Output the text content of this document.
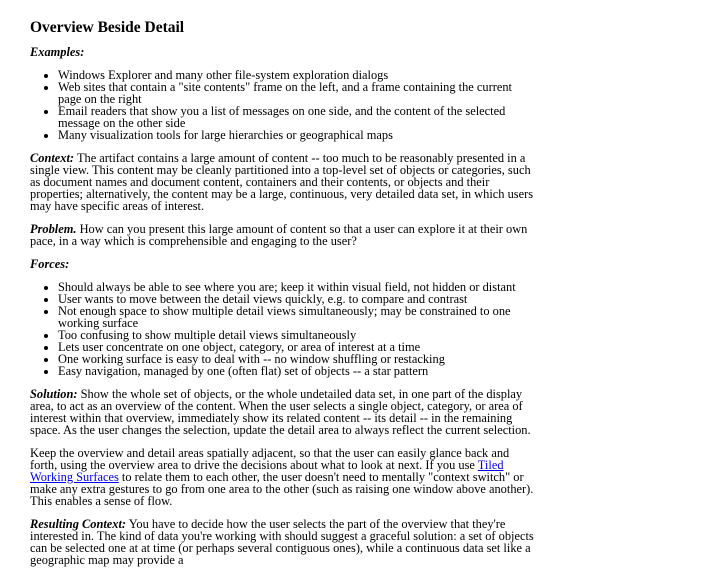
Overview Beside Detail
Examples:
• Windows Explorer and many other file-system exploration dialogs
• Web sites that contain a "site contents" frame on the left, and a frame containing the current page on the right
• Email readers that show you a list of messages on one side, and the content of the selected message on the other side
• Many visualization tools for large hierarchies or geographical maps

Context: The artifact contains a large amount of content -- too much to be reasonably presented in a single view. This content may be cleanly partitioned into a top-level set of objects or categories, such as document names and document content, containers and their contents, or objects and their properties; alternatively, the content may be a large, continuous, very detailed data set, in which users may have specific areas of interest.

Problem. How can you present this large amount of content so that a user can explore it at their own pace, in a way which is comprehensible and engaging to the user?

Forces:
• Should always be able to see where you are; keep it within visual field, not hidden or distant
• User wants to move between the detail views quickly, e.g. to compare and contrast
• Not enough space to show multiple detail views simultaneously; may be constrained to one working surface
• Too confusing to show multiple detail views simultaneously
• Lets user concentrate on one object, category, or area of interest at a time
• One working surface is easy to deal with -- no window shuffling or restacking
• Easy navigation, managed by one (often flat) set of objects -- a star pattern

Solution: Show the whole set of objects, or the whole undetailed data set, in one part of the display area, to act as an overview of the content. When the user selects a single object, category, or area of interest within that overview, immediately show its related content -- its detail -- in the remaining space. As the user changes the selection, update the detail area to always reflect the current selection.

Keep the overview and detail areas spatially adjacent, so that the user can easily glance back and forth, using the overview area to drive the decisions about what to look at next. If you use Tiled Working Surfaces to relate them to each other, the user doesn't need to mentally "context switch" or make any extra gestures to go from one area to the other (such as raising one window above another). This enables a sense of flow.

Resulting Context: You have to decide how the user selects the part of the overview that they're interested in. The kind of data you're working with should suggest a graceful solution: a set of objects can be selected one at at time (or perhaps several contiguous ones), while a continuous data set like a geographic map may provide a
